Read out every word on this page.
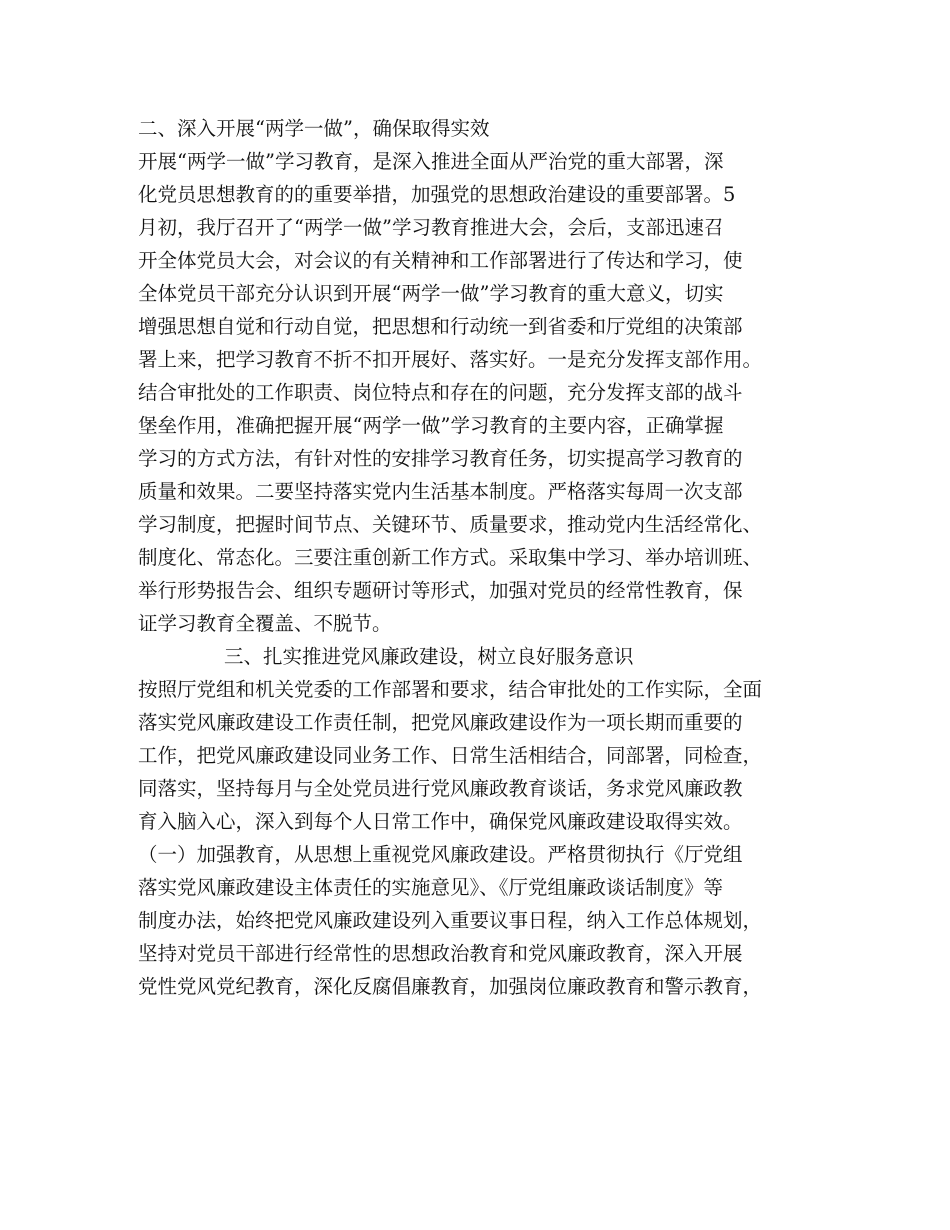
二、深入开展“两学一做”，确保取得实效
开展“两学一做”学习教育，是深入推进全面从严治党的重大部署，深
化党员思想教育的的重要举措，加强党的思想政治建设的重要部署。5
月初，我厅召开了“两学一做”学习教育推进大会，会后，支部迅速召
开全体党员大会，对会议的有关精神和工作部署进行了传达和学习，使
全体党员干部充分认识到开展“两学一做”学习教育的重大意义，切实
增强思想自觉和行动自觉，把思想和行动统一到省委和厅党组的决策部
署上来，把学习教育不折不扣开展好、落实好。一是充分发挥支部作用。
结合审批处的工作职责、岗位特点和存在的问题，充分发挥支部的战斗
堡垒作用，准确把握开展“两学一做”学习教育的主要内容，正确掌握
学习的方式方法，有针对性的安排学习教育任务，切实提高学习教育的
质量和效果。二要坚持落实党内生活基本制度。严格落实每周一次支部
学习制度，把握时间节点、关键环节、质量要求，推动党内生活经常化、
制度化、常态化。三要注重创新工作方式。采取集中学习、举办培训班、
举行形势报告会、组织专题研讨等形式，加强对党员的经常性教育，保
证学习教育全覆盖、不脱节。
三、扎实推进党风廉政建设，树立良好服务意识
按照厅党组和机关党委的工作部署和要求，结合审批处的工作实际，全面
落实党风廉政建设工作责任制，把党风廉政建设作为一项长期而重要的
工作，把党风廉政建设同业务工作、日常生活相结合，同部署，同检查，
同落实，坚持每月与全处党员进行党风廉政教育谈话，务求党风廉政教
育入脑入心，深入到每个人日常工作中，确保党风廉政建设取得实效。
（一）加强教育，从思想上重视党风廉政建设。严格贯彻执行《厅党组
落实党风廉政建设主体责任的实施意见》、《厅党组廉政谈话制度》等
制度办法，始终把党风廉政建设列入重要议事日程，纳入工作总体规划，
坚持对党员干部进行经常性的思想政治教育和党风廉政教育，深入开展
党性党风党纪教育，深化反腐倡廉教育，加强岗位廉政教育和警示教育，
